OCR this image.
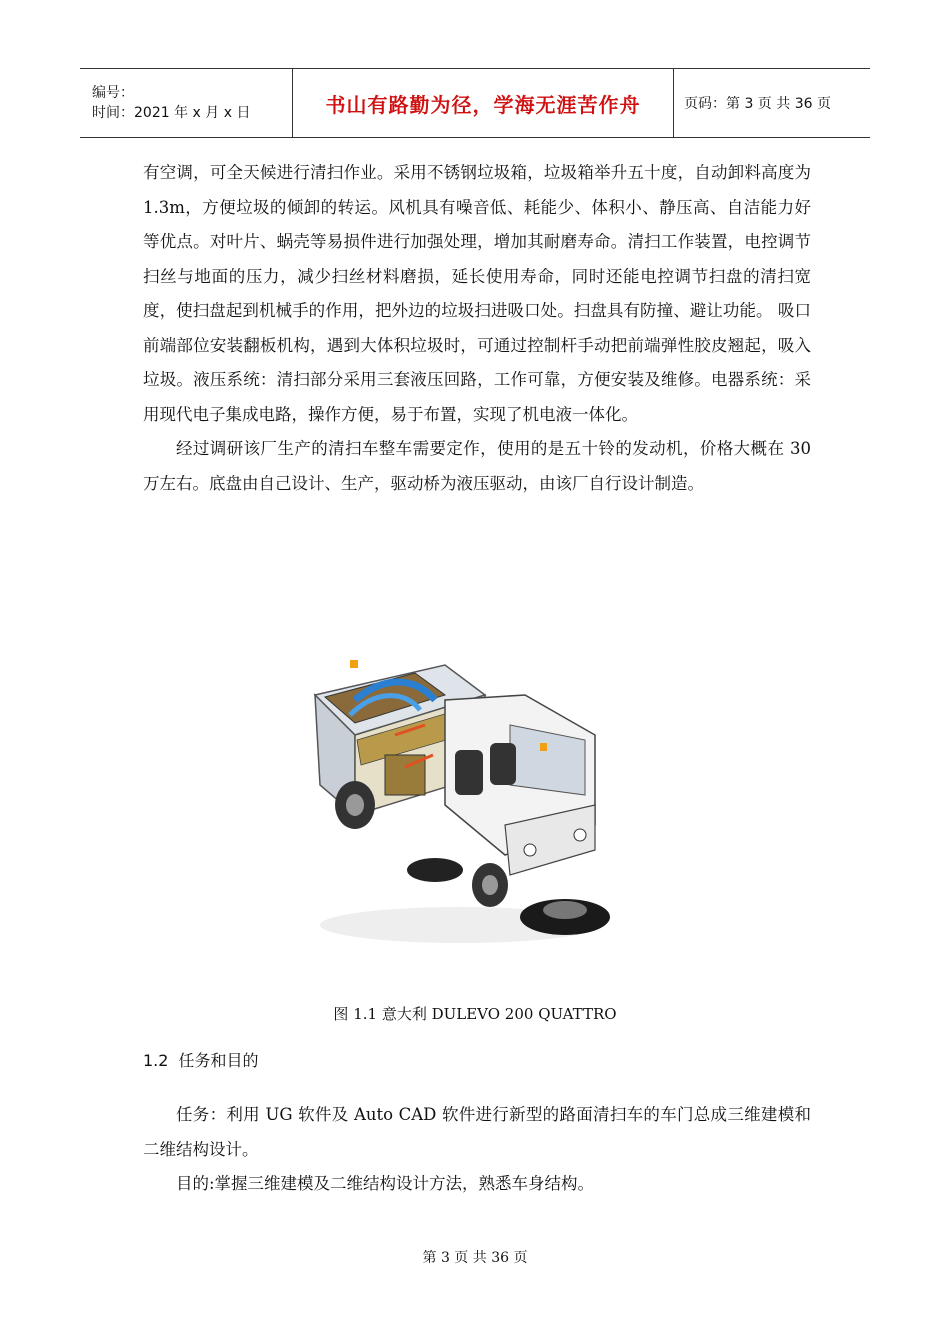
编号：
时间：2021 年 x 月 x 日	书山有路勤为径，学海无涯苦作舟	页码：第 3 页 共 36 页

有空调，可全天候进行清扫作业。采用不锈钢垃圾箱，垃圾箱举升五十度，自动卸料高度为1.3m，方便垃圾的倾卸的转运。风机具有噪音低、耗能少、体积小、静压高、自洁能力好等优点。对叶片、蜗壳等易损件进行加强处理，增加其耐磨寿命。清扫工作装置，电控调节扫丝与地面的压力，减少扫丝材料磨损，延长使用寿命，同时还能电控调节扫盘的清扫宽度，使扫盘起到机械手的作用，把外边的垃圾扫进吸口处。扫盘具有防撞、避让功能。 吸口前端部位安装翻板机构，遇到大体积垃圾时，可通过控制杆手动把前端弹性胶皮翘起，吸入垃圾。液压系统：清扫部分采用三套液压回路，工作可靠，方便安装及维修。电器系统：采用现代电子集成电路，操作方便，易于布置，实现了机电液一体化。

经过调研该厂生产的清扫车整车需要定作，使用的是五十铃的发动机，价格大概在 30 万左右。底盘由自己设计、生产，驱动桥为液压驱动，由该厂自行设计制造。

图 1.1 意大利 DULEVO 200 QUATTRO
1.2 任务和目的

任务：利用 UG 软件及 Auto CAD 软件进行新型的路面清扫车的车门总成三维建模和二维结构设计。

目的:掌握三维建模及二维结构设计方法，熟悉车身结构。

第 3 页 共 36 页
